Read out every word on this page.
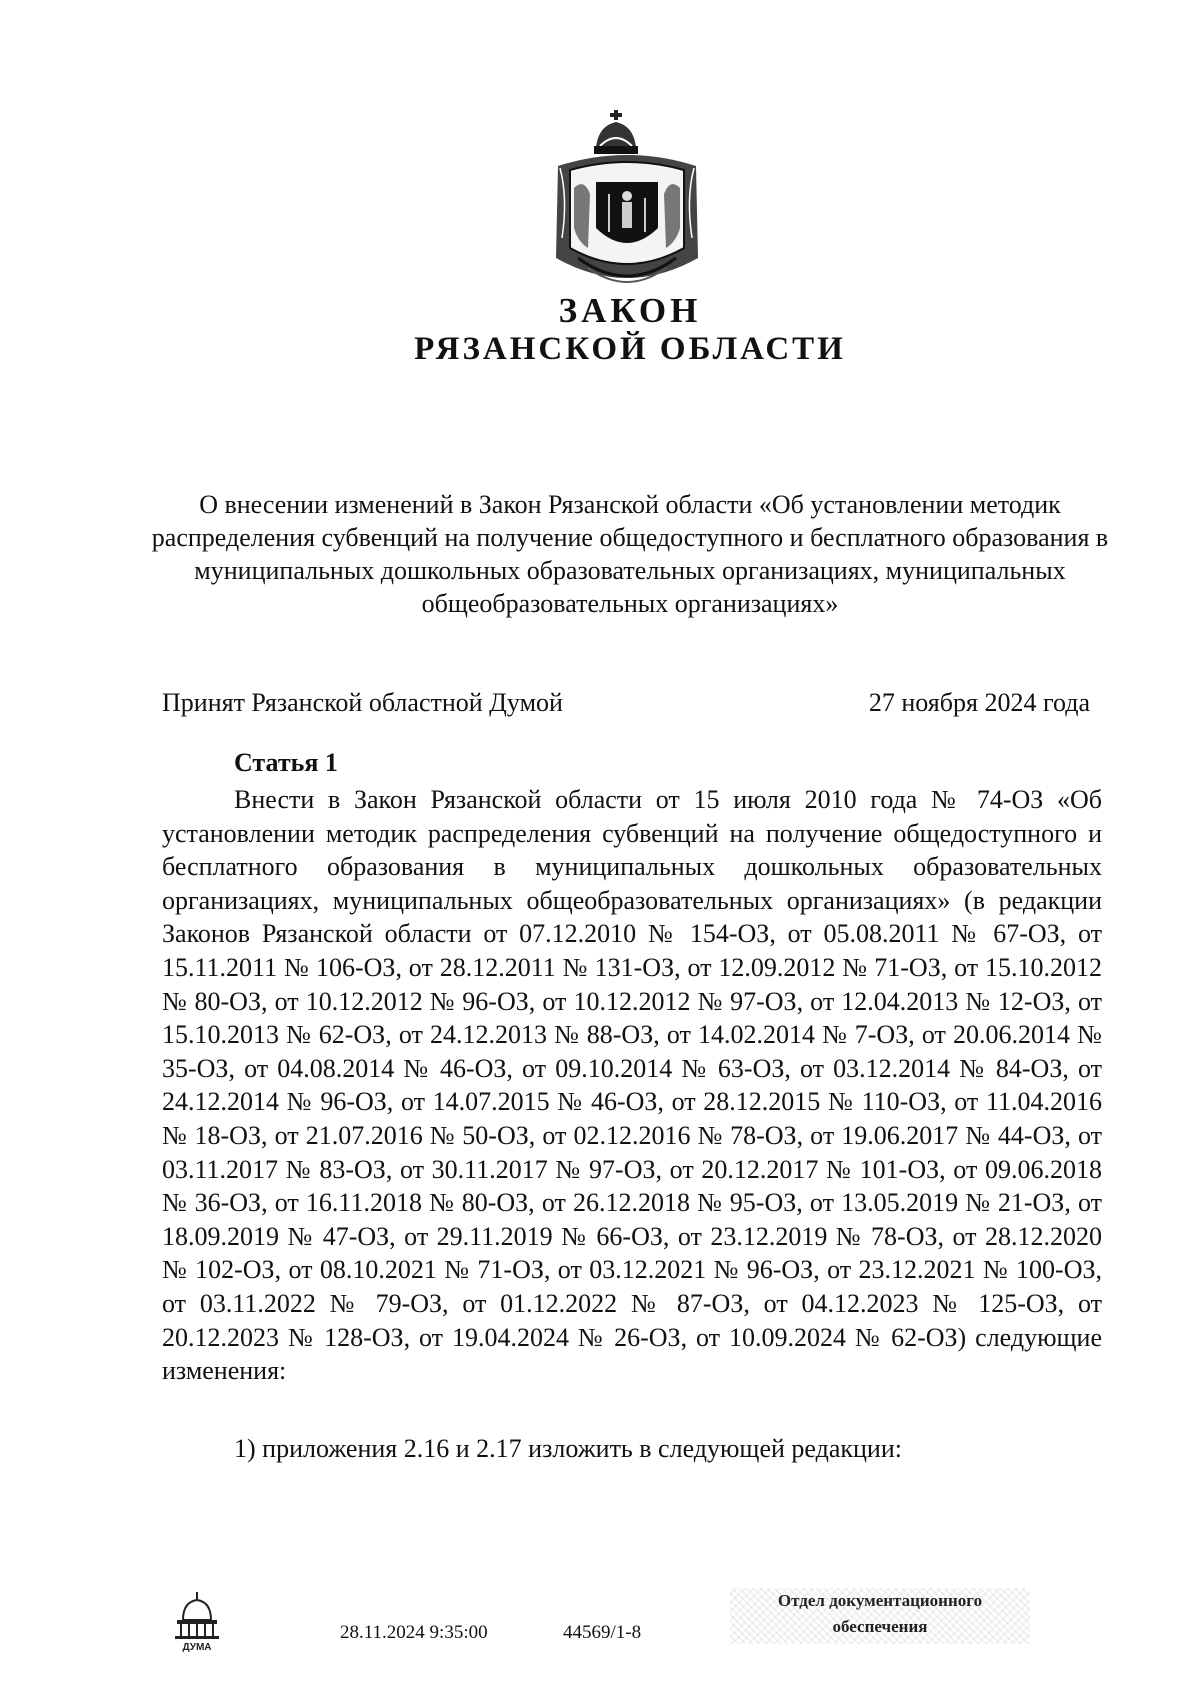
ЗАКОН
РЯЗАНСКОЙ ОБЛАСТИ

О внесении изменений в Закон Рязанской области «Об установлении методик распределения субвенций на получение общедоступного и бесплатного образования в муниципальных дошкольных образовательных организациях, муниципальных общеобразовательных организациях»

Принят Рязанской областной Думой	27 ноября 2024 года
Статья 1

Внести в Закон Рязанской области от 15 июля 2010 года № 74-ОЗ «Об установлении методик распределения субвенций на получение общедоступного и бесплатного образования в муниципальных дошкольных образовательных организациях, муниципальных общеобразовательных организациях» (в редакции Законов Рязанской области от 07.12.2010 № 154-ОЗ, от 05.08.2011 № 67-ОЗ, от 15.11.2011 № 106-ОЗ, от 28.12.2011 № 131-ОЗ, от 12.09.2012 № 71-ОЗ, от 15.10.2012 № 80-ОЗ, от 10.12.2012 № 96-ОЗ, от 10.12.2012 № 97-ОЗ, от 12.04.2013 № 12-ОЗ, от 15.10.2013 № 62-ОЗ, от 24.12.2013 № 88-ОЗ, от 14.02.2014 № 7-ОЗ, от 20.06.2014 № 35-ОЗ, от 04.08.2014 № 46-ОЗ, от 09.10.2014 № 63-ОЗ, от 03.12.2014 № 84-ОЗ, от 24.12.2014 № 96-ОЗ, от 14.07.2015 № 46-ОЗ, от 28.12.2015 № 110-ОЗ, от 11.04.2016 № 18-ОЗ, от 21.07.2016 № 50-ОЗ, от 02.12.2016 № 78-ОЗ, от 19.06.2017 № 44-ОЗ, от 03.11.2017 № 83-ОЗ, от 30.11.2017 № 97-ОЗ, от 20.12.2017 № 101-ОЗ, от 09.06.2018 № 36-ОЗ, от 16.11.2018 № 80-ОЗ, от 26.12.2018 № 95-ОЗ, от 13.05.2019 № 21-ОЗ, от 18.09.2019 № 47-ОЗ, от 29.11.2019 № 66-ОЗ, от 23.12.2019 № 78-ОЗ, от 28.12.2020 № 102-ОЗ, от 08.10.2021 № 71-ОЗ, от 03.12.2021 № 96-ОЗ, от 23.12.2021 № 100-ОЗ, от 03.11.2022 № 79-ОЗ, от 01.12.2022 № 87-ОЗ, от 04.12.2023 № 125-ОЗ, от 20.12.2023 № 128-ОЗ, от 19.04.2024 № 26-ОЗ, от 10.09.2024 № 62-ОЗ) следующие изменения:

1) приложения 2.16 и 2.17 изложить в следующей редакции:

ДУМА
28.11.2024 9:35:00	44569/1-8
Отдел документационного
обеспечения
